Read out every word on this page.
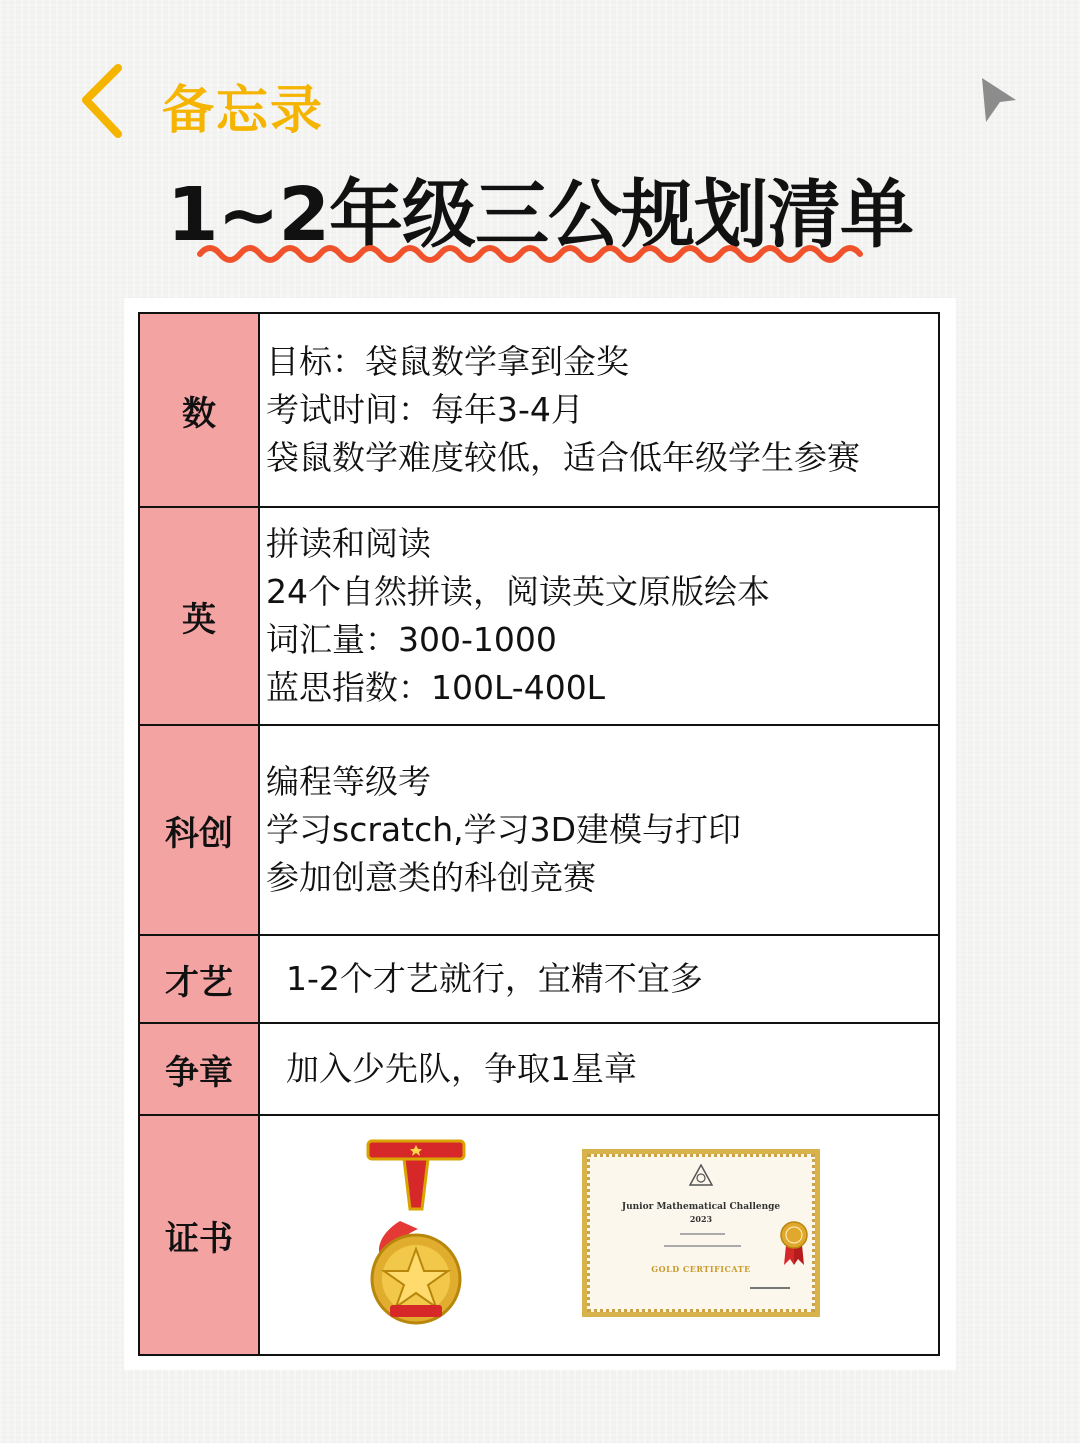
备忘录
1~2年级三公规划清单
数	目标：袋鼠数学拿到金奖
考试时间：每年3-4月
袋鼠数学难度较低，适合低年级学生参赛

英	拼读和阅读
24个自然拼读，阅读英文原版绘本
词汇量：300-1000
蓝思指数：100L-400L

科创	编程等级考
学习scratch,学习3D建模与打印
参加创意类的科创竞赛

才艺	1-2个才艺就行，宜精不宜多

争章	加入少先队，争取1星章

证书	Junior Mathematical Challenge
2023
GOLD CERTIFICATE
